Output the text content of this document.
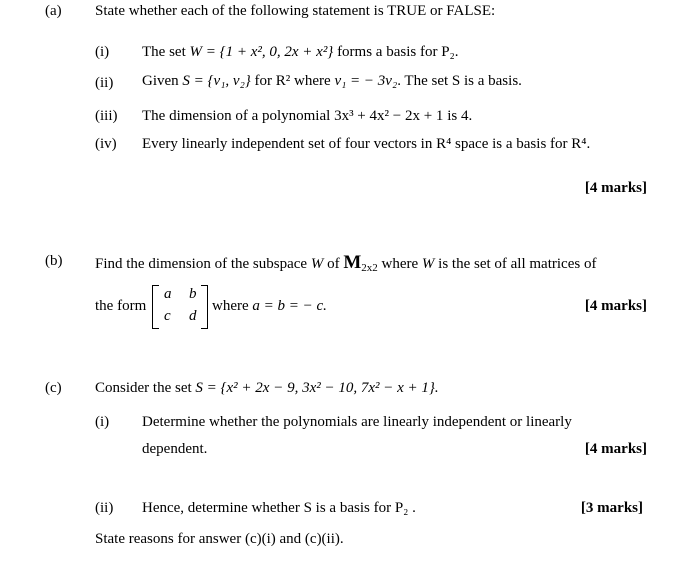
(a) State whether each of the following statement is TRUE or FALSE:
(i) The set W = {1 + x², 0, 2x + x²} forms a basis for P₂.
(ii) Given S = {v₁, v₂} for R² where v₁ = − 3v₂. The set S is a basis.
(iii) The dimension of a polynomial 3x³ + 4x² − 2x + 1 is 4.
(iv) Every linearly independent set of four vectors in R⁴ space is a basis for R⁴.
[4 marks]
(b) Find the dimension of the subspace W of $M_{2x2}$ where W is the set of all matrices of
the form
a b
c d
where a = b = − c.	[4 marks]
(c) Consider the set S = {x² + 2x − 9, 3x² − 10, 7x² − x + 1}.
(i) Determine whether the polynomials are linearly independent or linearly
dependent.	[4 marks]
(ii) Hence, determine whether S is a basis for P₂ .	[3 marks]
State reasons for answer (c)(i) and (c)(ii).
